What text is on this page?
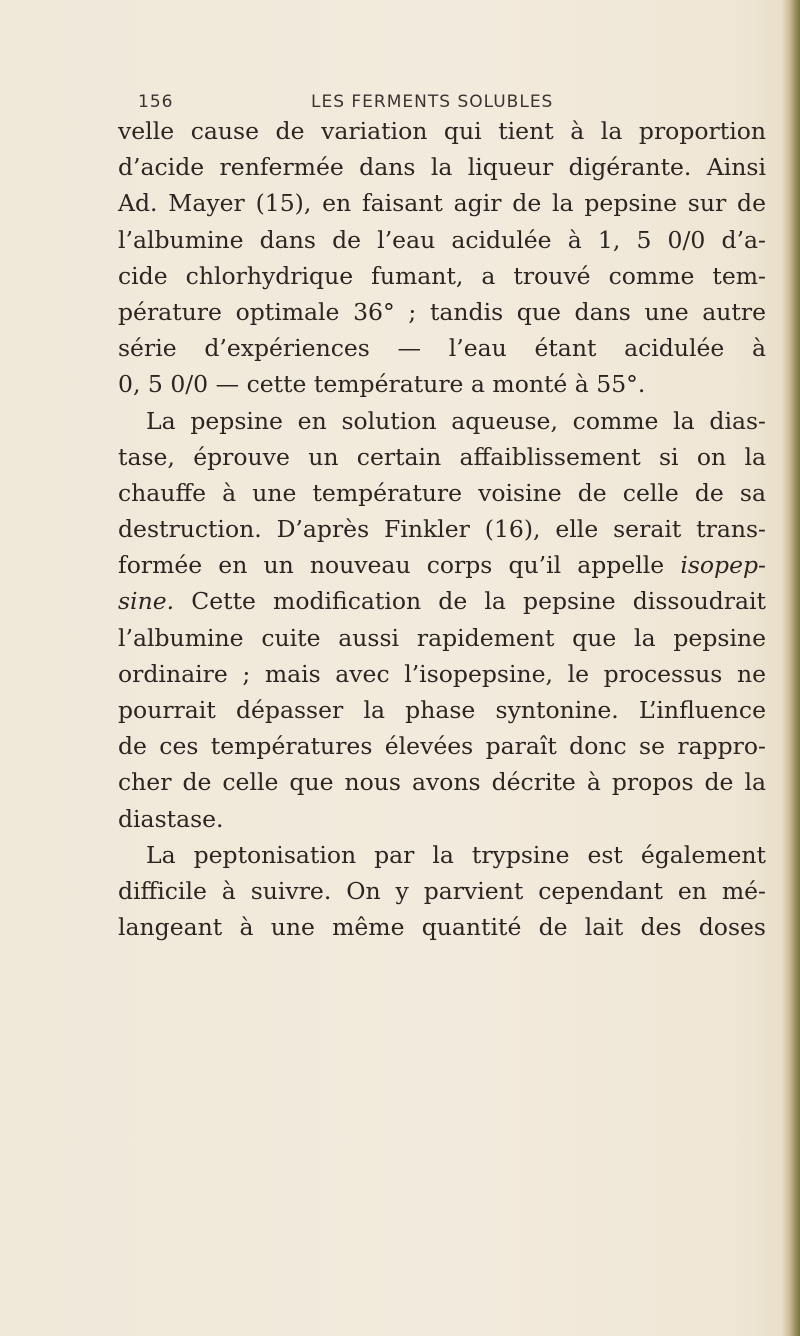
156	LES FERMENTS SOLUBLES
velle cause de variation qui tient à la proportion
d’acide renfermée dans la liqueur digérante. Ainsi
Ad. Mayer (15), en faisant agir de la pepsine sur de
l’albumine dans de l’eau acidulée à 1, 5 0/0 d’a-
cide chlorhydrique fumant, a trouvé comme tem-
pérature optimale 36° ; tandis que dans une autre
série d’expériences — l’eau étant acidulée à
0, 5 0/0 — cette température a monté à 55°.
La pepsine en solution aqueuse, comme la dias-
tase, éprouve un certain affaiblissement si on la
chauffe à une température voisine de celle de sa
destruction. D’après Finkler (16), elle serait trans-
formée en un nouveau corps qu’il appelle isopep-
sine. Cette modification de la pepsine dissoudrait
l’albumine cuite aussi rapidement que la pepsine
ordinaire ; mais avec l’isopepsine, le processus ne
pourrait dépasser la phase syntonine. L’influence
de ces températures élevées paraît donc se rappro-
cher de celle que nous avons décrite à propos de la
diastase.
La peptonisation par la trypsine est également
difficile à suivre. On y parvient cependant en mé-
langeant à une même quantité de lait des doses
